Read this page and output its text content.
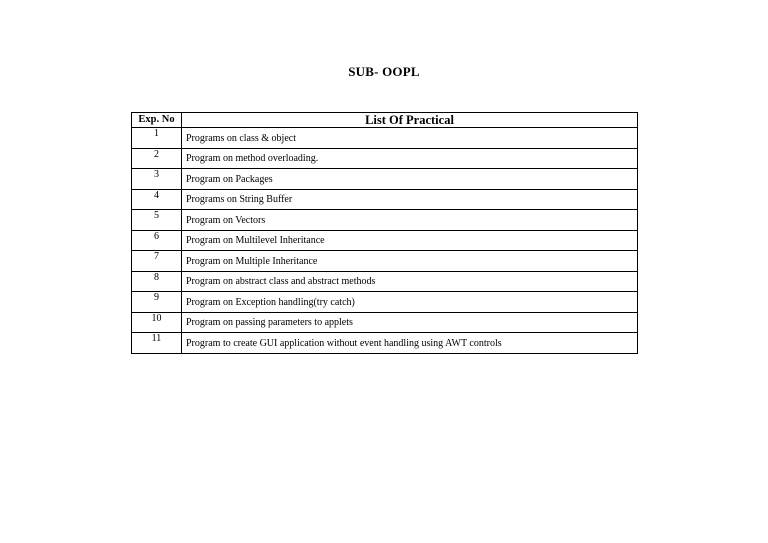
SUB- OOPL
Exp. No	List Of Practical
1	Programs on class & object
2	Program on method overloading.
3	Program on Packages
4	Programs on String Buffer
5	Program on Vectors
6	Program on Multilevel Inheritance
7	Program on Multiple Inheritance
8	Program on abstract class and abstract methods
9	Program on Exception handling(try catch)
10	Program on passing parameters to applets
11	Program to create GUI application without event handling using AWT controls
